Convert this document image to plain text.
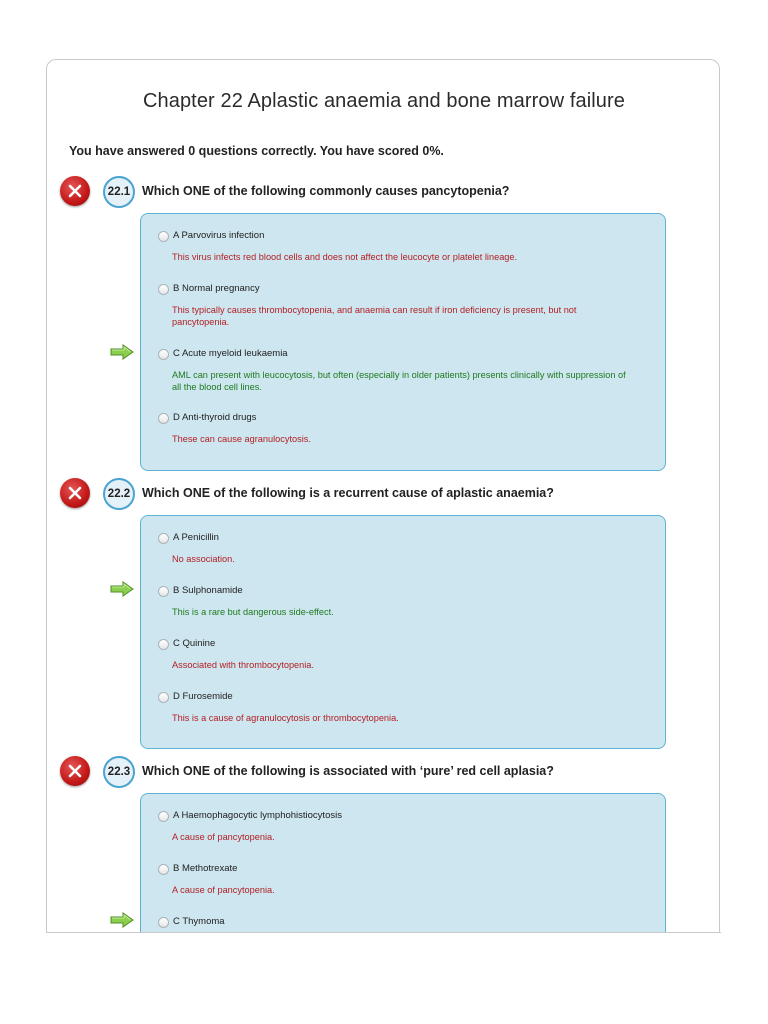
Chapter 22 Aplastic anaemia and bone marrow failure
You have answered 0 questions correctly. You have scored 0%.
22.1 Which ONE of the following commonly causes pancytopenia?
A Parvovirus infection
This virus infects red blood cells and does not affect the leucocyte or platelet lineage.
B Normal pregnancy
This typically causes thrombocytopenia, and anaemia can result if iron deficiency is present, but not pancytopenia.
C Acute myeloid leukaemia
AML can present with leucocytosis, but often (especially in older patients) presents clinically with suppression of all the blood cell lines.
D Anti-thyroid drugs
These can cause agranulocytosis.
22.2 Which ONE of the following is a recurrent cause of aplastic anaemia?
A Penicillin
No association.
B Sulphonamide
This is a rare but dangerous side-effect.
C Quinine
Associated with thrombocytopenia.
D Furosemide
This is a cause of agranulocytosis or thrombocytopenia.
22.3 Which ONE of the following is associated with ‘pure’ red cell aplasia?
A Haemophagocytic lymphohistiocytosis
A cause of pancytopenia.
B Methotrexate
A cause of pancytopenia.
C Thymoma
